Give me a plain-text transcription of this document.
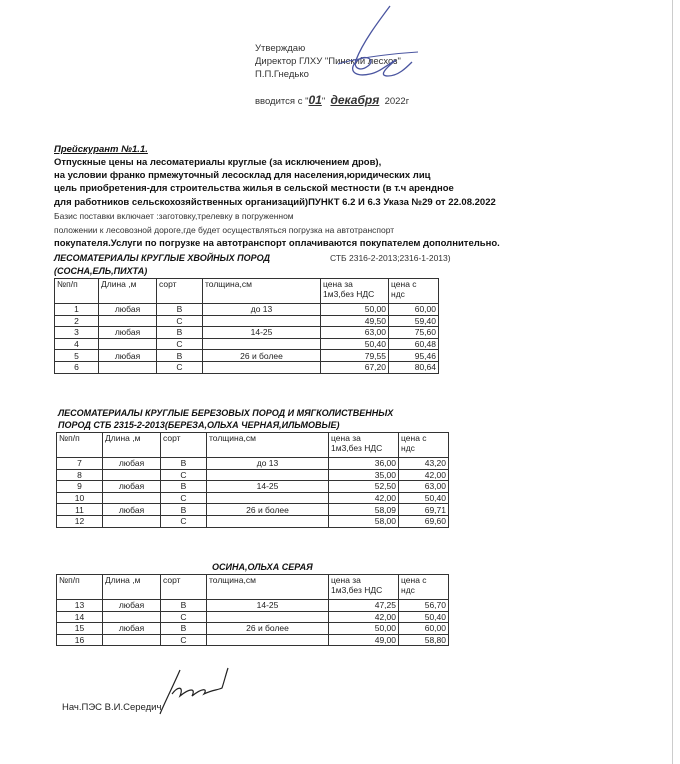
Утверждаю
Директор ГЛХУ "Пинский лесхоз"
П.П.Гнедько
вводится с "01" декабря 2022г
Прейскурант №1.1.
Отпускные цены на лесоматериалы круглые (за исключением дров),
на условии франко прмежуточный лесосклад для населения,юридических лиц
цель приобретения-для строительства жилья в сельской местности (в т.ч арендное
для работников сельскохозяйственных организаций)ПУНКТ 6.2 И 6.3 Указа №29 от 22.08.2022
Базис поставки включает :заготовку,трелевку в погруженном
положении к лесовозной дороге,где будет осуществляться погрузка на автотранспорт
покупателя.Услуги по погрузке на автотранспорт оплачиваются покупателем дополнительно.
ЛЕСОМАТЕРИАЛЫ КРУГЛЫЕ ХВОЙНЫХ ПОРОД	СТБ 2316-2-2013;2316-1-2013)
(СОСНА,ЕЛЬ,ПИХТА)
№п/п	Длина ,м	сорт	толщина,см	цена за
1м3,без НДС	цена с
ндс
1	любая	В	до 13	50,00	60,00
2		С		49,50	59,40
3	любая	В	14-25	63,00	75,60
4		С		50,40	60,48
5	любая	В	26 и более	79,55	95,46
6		С		67,20	80,64
ЛЕСОМАТЕРИАЛЫ КРУГЛЫЕ БЕРЕЗОВЫХ ПОРОД И МЯГКОЛИСТВЕННЫХ
ПОРОД СТБ 2315-2-2013(БЕРЕЗА,ОЛЬХА ЧЕРНАЯ,ИЛЬМОВЫЕ)
№п/п	Длина ,м	сорт	толщина,см	цена за
1м3,без НДС	цена с
ндс
7	любая	В	до 13	36,00	43,20
8		С		35,00	42,00
9	любая	В	14-25	52,50	63,00
10		С		42,00	50,40
11	любая	В	26 и более	58,09	69,71
12		С		58,00	69,60
ОСИНА,ОЛЬХА СЕРАЯ
№п/п	Длина ,м	сорт	толщина,см	цена за
1м3,без НДС	цена с
ндс
13	любая	В	14-25	47,25	56,70
14		С		42,00	50,40
15	любая	В	26 и более	50,00	60,00
16		С		49,00	58,80
Нач.ПЭС В.И.Середич
